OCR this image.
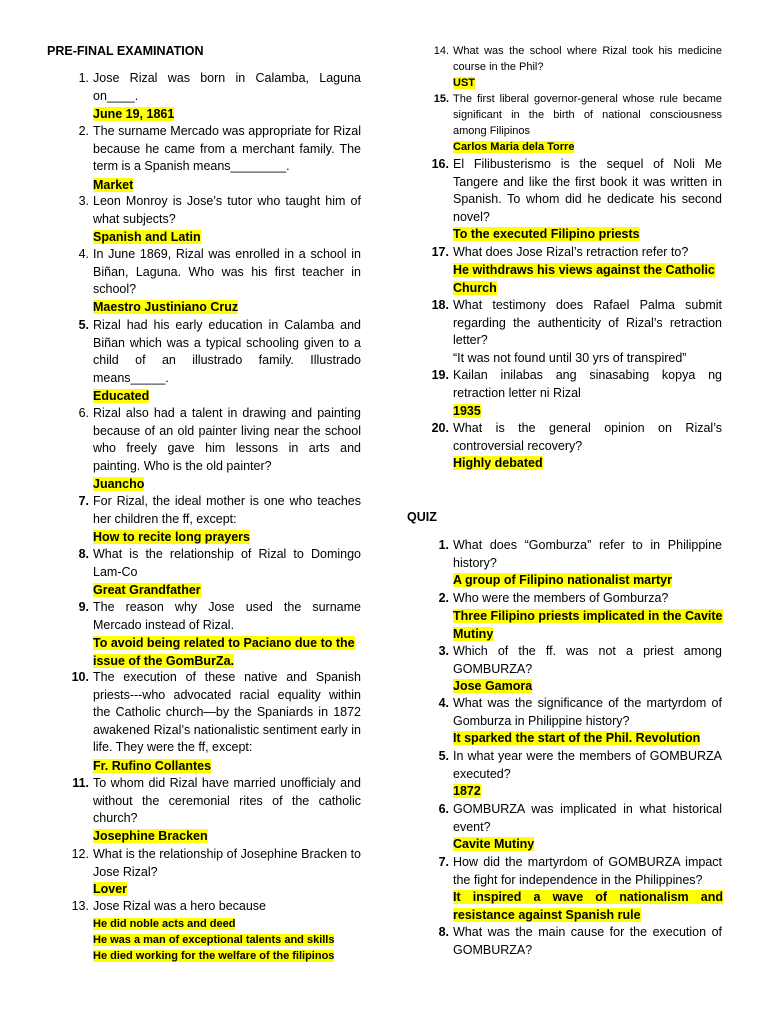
PRE-FINAL EXAMINATION
1. Jose Rizal was born in Calamba, Laguna on____.
June 19, 1861
2. The surname Mercado was appropriate for Rizal because he came from a merchant family. The term is a Spanish means________.
Market
3. Leon Monroy is Jose’s tutor who taught him of what subjects?
Spanish and Latin
4. In June 1869, Rizal was enrolled in a school in Biñan, Laguna. Who was his first teacher in school?
Maestro Justiniano Cruz
5. Rizal had his early education in Calamba and Biñan which was a typical schooling given to a child of an illustrado family. Illustrado means_____.
Educated
6. Rizal also had a talent in drawing and painting because of an old painter living near the school who freely gave him lessons in arts and painting. Who is the old painter?
Juancho
7. For Rizal, the ideal mother is one who teaches her children the ff, except:
How to recite long prayers
8. What is the relationship of Rizal to Domingo Lam-Co
Great Grandfather
9. The reason why Jose used the surname Mercado instead of Rizal.
To avoid being related to Paciano due to the issue of the GomBurZa.
10. The execution of these native and Spanish priests---who advocated racial equality within the Catholic church—by the Spaniards in 1872 awakened Rizal’s nationalistic sentiment early in life. They were the ff, except:
Fr. Rufino Collantes
11. To whom did Rizal have married unofficialy and without the ceremonial rites of the catholic church?
Josephine Bracken
12. What is the relationship of Josephine Bracken to Jose Rizal?
Lover
13. Jose Rizal was a hero because
He did noble acts and deed
He was a man of exceptional talents and skills
He died working for the welfare of the filipinos
14. What was the school where Rizal took his medicine course in the Phil?
UST
15. The first liberal governor-general whose rule became significant in the birth of national consciousness among Filipinos
Carlos Maria dela Torre
16. El Filibusterismo is the sequel of Noli Me Tangere and like the first book it was written in Spanish. To whom did he dedicate his second novel?
To the executed Filipino priests
17. What does Jose Rizal’s retraction refer to?
He withdraws his views against the Catholic Church
18. What testimony does Rafael Palma submit regarding the authenticity of Rizal’s retraction letter?
“It was not found until 30 yrs of transpired”
19. Kailan inilabas ang sinasabing kopya ng retraction letter ni Rizal
1935
20. What is the general opinion on Rizal’s controversial recovery?
Highly debated
QUIZ
1. What does “Gomburza” refer to in Philippine history?
A group of Filipino nationalist martyr
2. Who were the members of Gomburza?
Three Filipino priests implicated in the Cavite Mutiny
3. Which of the ff. was not a priest among GOMBURZA?
Jose Gamora
4. What was the significance of the martyrdom of Gomburza in Philippine history?
It sparked the start of the Phil. Revolution
5. In what year were the members of GOMBURZA executed?
1872
6. GOMBURZA was implicated in what historical event?
Cavite Mutiny
7. How did the martyrdom of GOMBURZA impact the fight for independence in the Philippines?
It inspired a wave of nationalism and resistance against Spanish rule
8. What was the main cause for the execution of GOMBURZA?
